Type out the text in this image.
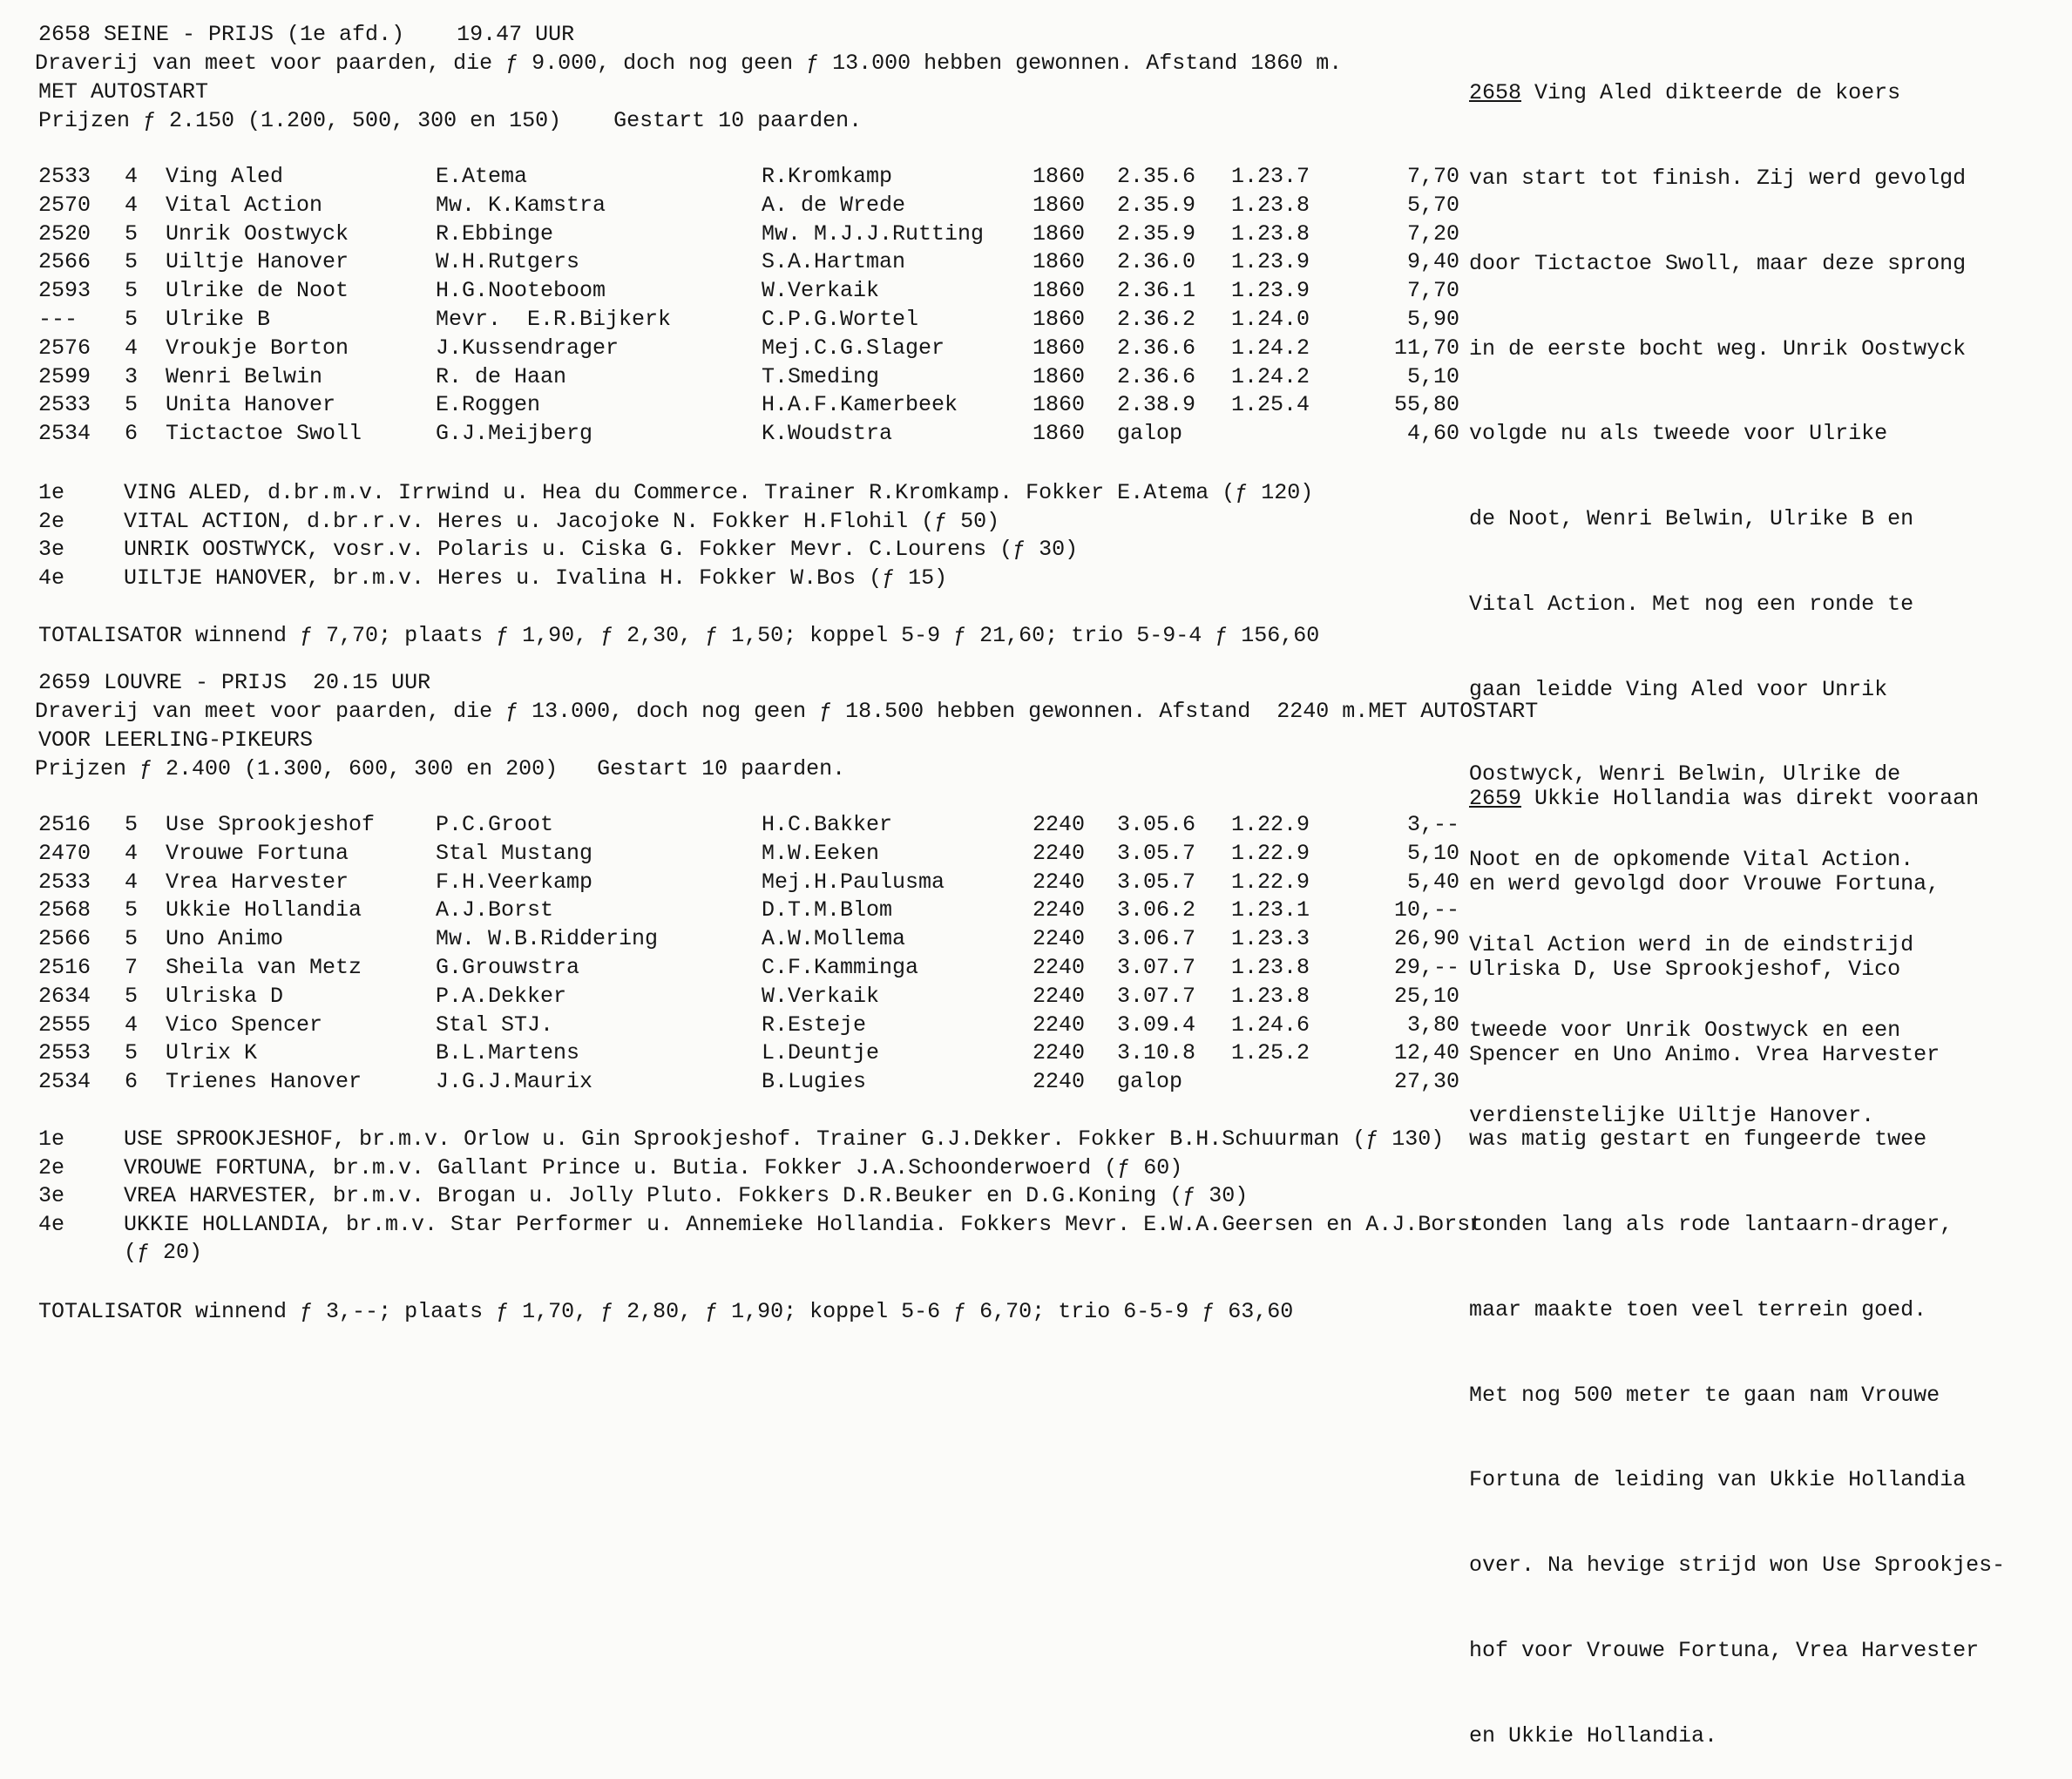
2658 SEINE - PRIJS (1e afd.)    19.47 UUR
Draverij van meet voor paarden, die ƒ 9.000, doch nog geen ƒ 13.000 hebben gewonnen. Afstand 1860 m.
MET AUTOSTART
Prijzen ƒ 2.150 (1.200, 500, 300 en 150)    Gestart 10 paarden.
2533 4 Ving Aled	E.Atema	R.Kromkamp	1860 2.35.6 1.23.7	7,70
2570 4 Vital Action	Mw. K.Kamstra	A. de Wrede	1860 2.35.9 1.23.8	5,70
2520 5 Unrik Oostwyck	R.Ebbinge	Mw. M.J.J.Rutting 1860 2.35.9 1.23.8	7,20
2566 5 Uiltje Hanover	W.H.Rutgers	S.A.Hartman	1860 2.36.0 1.23.9	9,40
2593 5 Ulrike de Noot	H.G.Nooteboom	W.Verkaik	1860 2.36.1 1.23.9	7,70
--- 5 Ulrike B	Mevr.  E.R.Bijkerk	C.P.G.Wortel	1860 2.36.2 1.24.0	5,90
2576 4 Vroukje Borton	J.Kussendrager	Mej.C.G.Slager	1860 2.36.6 1.24.2	11,70
2599 3 Wenri Belwin	R. de Haan	T.Smeding	1860 2.36.6 1.24.2	5,10
2533 5 Unita Hanover	E.Roggen	H.A.F.Kamerbeek	1860 2.38.9 1.25.4	55,80
2534 6 Tictactoe Swoll	G.J.Meijberg	K.Woudstra	1860 galop	4,60
1e	VING ALED, d.br.m.v. Irrwind u. Hea du Commerce. Trainer R.Kromkamp. Fokker E.Atema (ƒ 120)
2e	VITAL ACTION, d.br.r.v. Heres u. Jacojoke N. Fokker H.Flohil (ƒ 50)
3e	UNRIK OOSTWYCK, vosr.v. Polaris u. Ciska G. Fokker Mevr. C.Lourens (ƒ 30)
4e	UILTJE HANOVER, br.m.v. Heres u. Ivalina H. Fokker W.Bos (ƒ 15)
TOTALISATOR winnend ƒ 7,70; plaats ƒ 1,90, ƒ 2,30, ƒ 1,50; koppel 5-9 ƒ 21,60; trio 5-9-4 ƒ 156,60

2658 Ving Aled dikteerde de koers

van start tot finish. Zij werd gevolgd

door Tictactoe Swoll, maar deze sprong

in de eerste bocht weg. Unrik Oostwyck

volgde nu als tweede voor Ulrike

de Noot, Wenri Belwin, Ulrike B en

Vital Action. Met nog een ronde te

gaan leidde Ving Aled voor Unrik

Oostwyck, Wenri Belwin, Ulrike de

Noot en de opkomende Vital Action.

Vital Action werd in de eindstrijd

tweede voor Unrik Oostwyck en een

verdienstelijke Uiltje Hanover.

2659 LOUVRE - PRIJS  20.15 UUR
Draverij van meet voor paarden, die ƒ 13.000, doch nog geen ƒ 18.500 hebben gewonnen. Afstand  2240 m.MET AUTOSTART
VOOR LEERLING-PIKEURS
Prijzen ƒ 2.400 (1.300, 600, 300 en 200)   Gestart 10 paarden.
2516 5 Use Sprookjeshof	P.C.Groot	H.C.Bakker	2240 3.05.6 1.22.9	3,--
2470 4 Vrouwe Fortuna	Stal Mustang	M.W.Eeken	2240 3.05.7 1.22.9	5,10
2533 4 Vrea Harvester	F.H.Veerkamp	Mej.H.Paulusma	2240 3.05.7 1.22.9	5,40
2568 5 Ukkie Hollandia	A.J.Borst	D.T.M.Blom	2240 3.06.2 1.23.1	10,--
2566 5 Uno Animo	Mw. W.B.Riddering	A.W.Mollema	2240 3.06.7 1.23.3	26,90
2516 7 Sheila van Metz	G.Grouwstra	C.F.Kamminga	2240 3.07.7 1.23.8	29,--
2634 5 Ulriska D	P.A.Dekker	W.Verkaik	2240 3.07.7 1.23.8	25,10
2555 4 Vico Spencer	Stal STJ.	R.Esteje	2240 3.09.4 1.24.6	3,80
2553 5 Ulrix K	B.L.Martens	L.Deuntje	2240 3.10.8 1.25.2	12,40
2534 6 Trienes Hanover	J.G.J.Maurix	B.Lugies	2240 galop	27,30
1e	USE SPROOKJESHOF, br.m.v. Orlow u. Gin Sprookjeshof. Trainer G.J.Dekker. Fokker B.H.Schuurman (ƒ 130)
2e	VROUWE FORTUNA, br.m.v. Gallant Prince u. Butia. Fokker J.A.Schoonderwoerd (ƒ 60)
3e	VREA HARVESTER, br.m.v. Brogan u. Jolly Pluto. Fokkers D.R.Beuker en D.G.Koning (ƒ 30)
4e	UKKIE HOLLANDIA, br.m.v. Star Performer u. Annemieke Hollandia. Fokkers Mevr. E.W.A.Geersen en A.J.Borst
(ƒ 20)
TOTALISATOR winnend ƒ 3,--; plaats ƒ 1,70, ƒ 2,80, ƒ 1,90; koppel 5-6 ƒ 6,70; trio 6-5-9 ƒ 63,60

2659 Ukkie Hollandia was direkt vooraan

en werd gevolgd door Vrouwe Fortuna,

Ulriska D, Use Sprookjeshof, Vico

Spencer en Uno Animo. Vrea Harvester

was matig gestart en fungeerde twee

ronden lang als rode lantaarn-drager,

maar maakte toen veel terrein goed.

Met nog 500 meter te gaan nam Vrouwe

Fortuna de leiding van Ukkie Hollandia

over. Na hevige strijd won Use Sprookjes-

hof voor Vrouwe Fortuna, Vrea Harvester

en Ukkie Hollandia.
